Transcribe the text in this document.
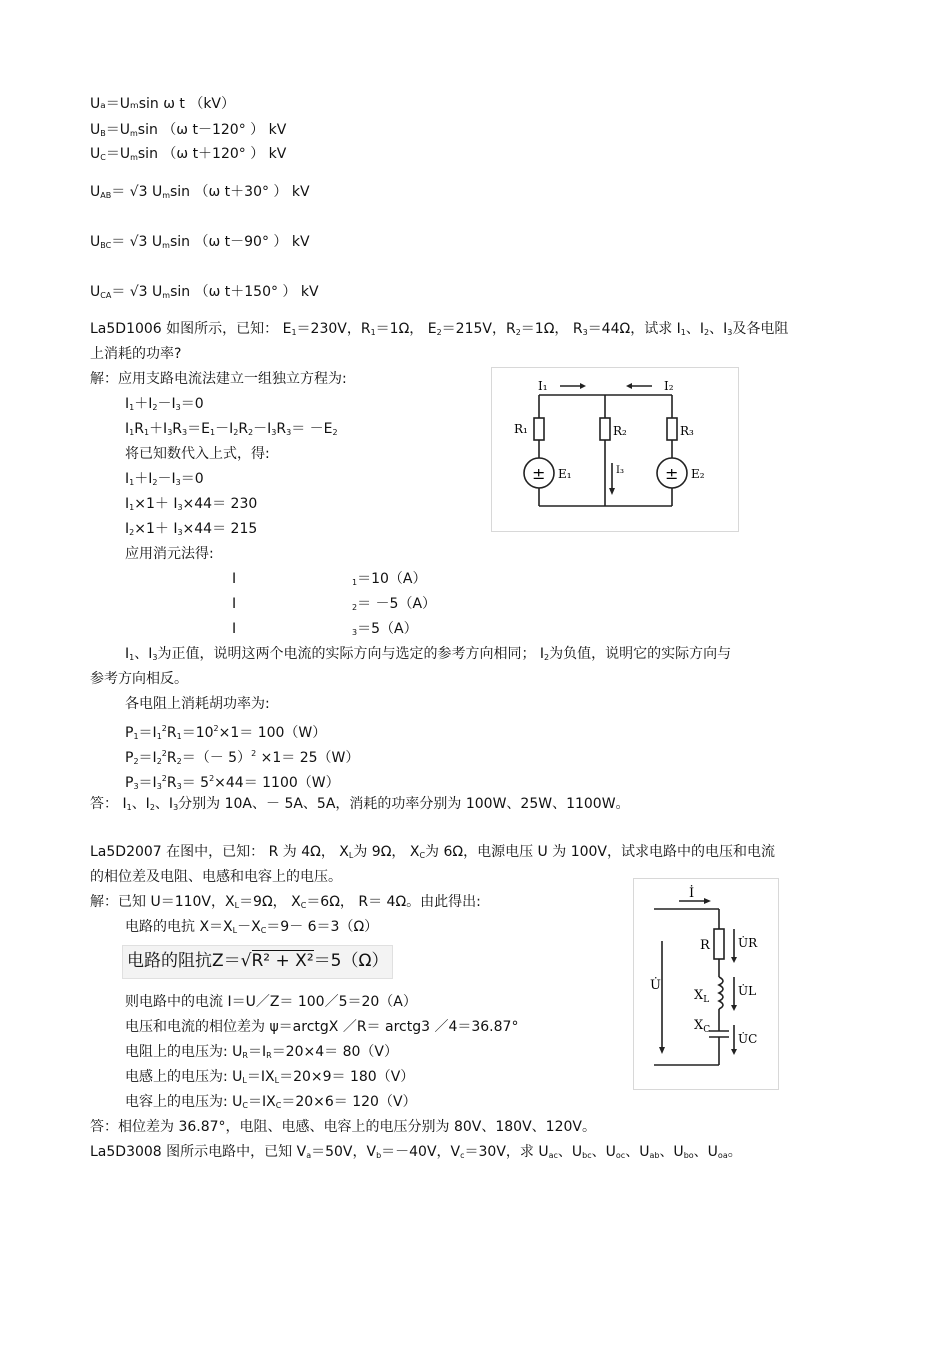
Uₐ＝Uₘsin ω t （kV）
$U_B=U_m\sin$ （ω t－120° ） kV
$U_C=U_m\sin$ （ω t＋120° ） kV
$U_{AB}= √3$ $U_m\sin$ （ω t＋30° ） kV
$U_{BC}= √3$ $U_m\sin$ （ω t－90° ） kV
$U_{CA}= √3$ $U_m\sin$ （ω t＋150° ） kV
La5D1006 如图所示，已知： $E_1=230V$，$R_1=1\Omega$， $E_2=215V$，$R_2=1\Omega$， $R_3=44\Omega$，试求 $I_1$、$I_2$、$I_3$及各电阻
上消耗的功率?
解：应用支路电流法建立一组独立方程为:
$I_1+I_2-I_3=0$
$I_1R_1+I_3R_3=E_1-I_2R_2-I_3R_3= -E_2$
将已知数代入上式，得:
$I_1+I_2-I_3=0$
$I_1\times 1+ I_3\times 44= 230$
$I_2\times 1+ I_3\times 44= 215$
应用消元法得:
I	$_1$＝10（A）
I	$_2$＝ －5（A）
I	$_3$＝5（A）
$I_1$、$I_3$为正值，说明这两个电流的实际方向与选定的参考方向相同； $I_2$为负值，说明它的实际方向与
参考方向相反。
各电阻上消耗胡功率为:
$P_1=I_1^2R_1=10^2\times 1= 100(W)$
$P_2=I_2^2R_2=(- 5)^2 \times 1= 25(W)$
$P_3=I_3^2R_3= 5^2\times 44= 1100(W)$
答： $I_1$、$I_2$、$I_3$分别为 10A、－ 5A、5A，消耗的功率分别为 100W、25W、1100W。
I₁	I₂
I₃
R₁	R₂	R₃
±	±
E₁	E₂
La5D2007 在图中，已知： R 为 4Ω， $X_L$为 9Ω， $X_C$为 6Ω，电源电压 U 为 100V，试求电路中的电压和电流
的相位差及电阻、电感和电容上的电压。
解：已知 U＝110V，$X_L=9\Omega$， $X_C=6\Omega$， R＝ 4Ω。由此得出:
电路的电抗 $X=X_L-X_C=9- 6=3(\Omega)$
电路的阻抗Z＝√R² + X²＝5（Ω）
则电路中的电流 I＝U／Z＝ 100／5＝20（A）
电压和电流的相位差为 ψ＝arctgX ／R＝ arctg3 ／4＝36.87°
电阻上的电压为: $U_R=I_R=20\times 4= 80(V)$
电感上的电压为: $U_L=IX_L=20\times 9= 180(V)$
电容上的电压为: $U_C=IX_C=20\times 6= 120(V)$
答：相位差为 36.87°，电阻、电感、电容上的电压分别为 80V、180V、120V。
İ
U̇
R
$X_L$
$X_C$
U̇R
U̇L
U̇C
La5D3008 图所示电路中，已知 $V_a=50V$，$V_b=-40V$，$V_c=30V$，求 $U_{ac}$、$U_{bc}$、$U_{oc}$、$U_{ab}$、$U_{bo}$、$U_{oa}$。
